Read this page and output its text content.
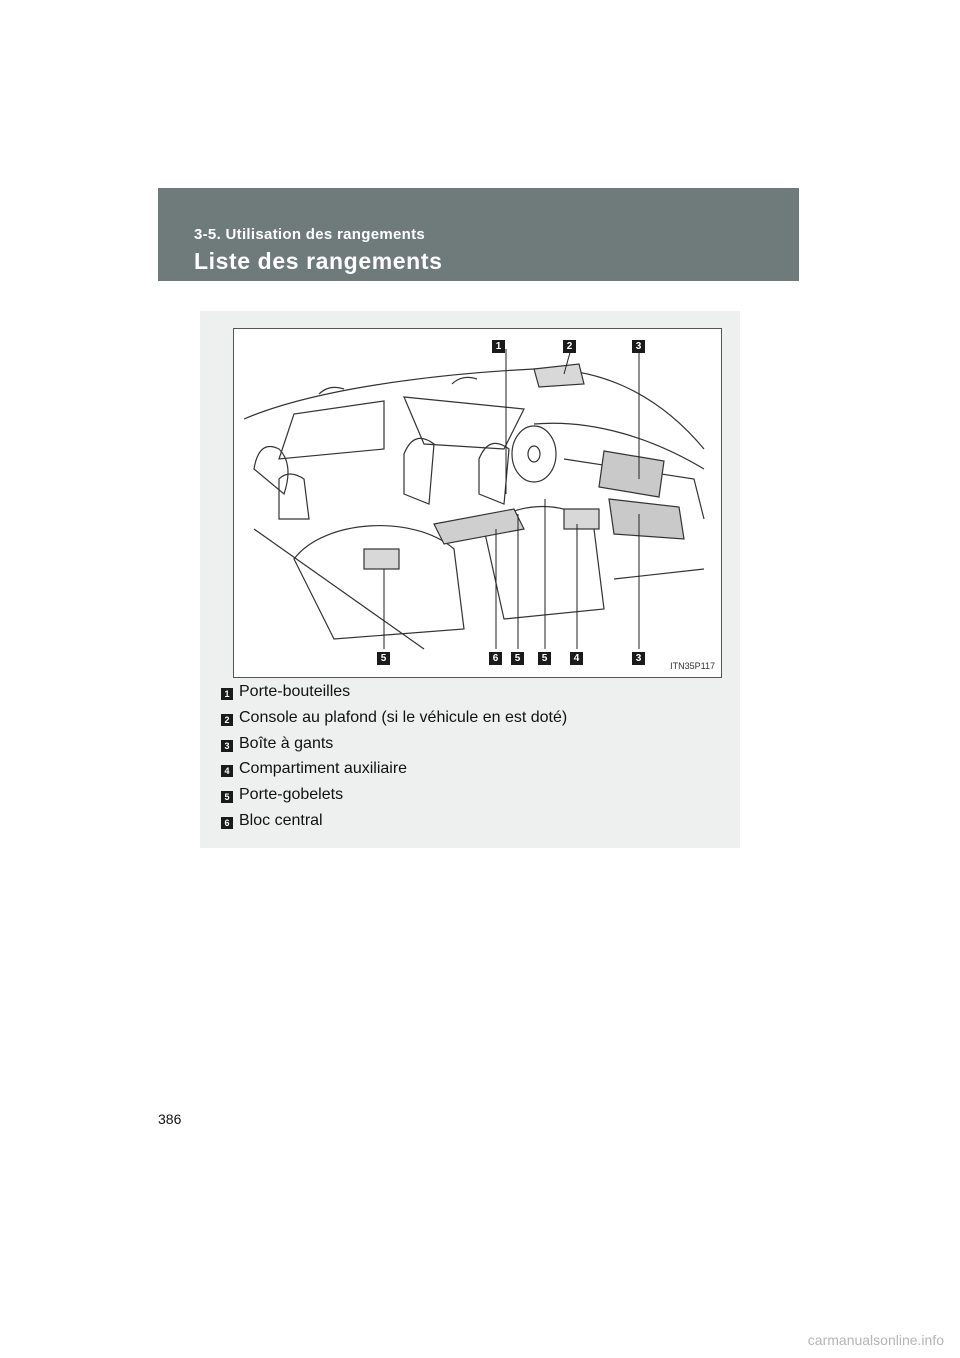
3-5. Utilisation des rangements
Liste des rangements
1	2	3
5	6	5	5	4	3
ITN35P117
1 Porte-bouteilles
2 Console au plafond (si le véhicule en est doté)
3 Boîte à gants
4 Compartiment auxiliaire
5 Porte-gobelets
6 Bloc central
386
carmanualsonline.info
